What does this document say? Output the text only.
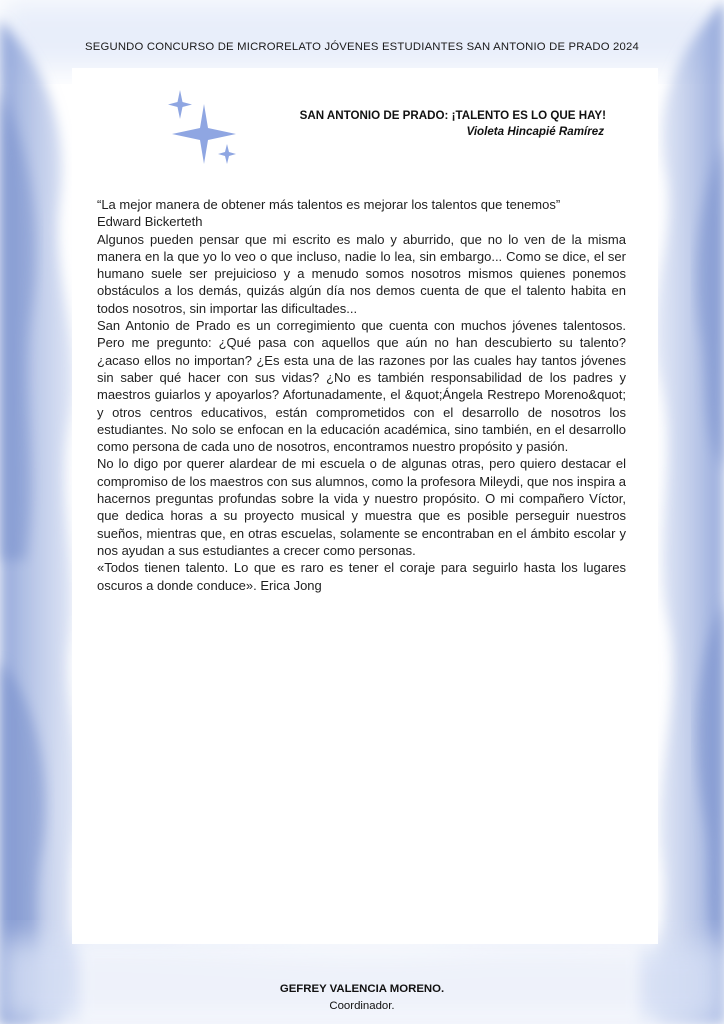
SEGUNDO CONCURSO DE MICRORELATO JÓVENES ESTUDIANTES SAN ANTONIO DE PRADO 2024
SAN ANTONIO DE PRADO: ¡TALENTO ES LO QUE HAY!
Violeta Hincapié Ramírez

“La mejor manera de obtener más talentos es mejorar los talentos que tenemos”

Edward Bickerteth

Algunos pueden pensar que mi escrito es malo y aburrido, que no lo ven de la misma manera en la que yo lo veo o que incluso, nadie lo lea, sin embargo... Como se dice, el ser humano suele ser prejuicioso y a menudo somos nosotros mismos quienes ponemos obstáculos a los demás, quizás algún día nos demos cuenta de que el talento habita en todos nosotros, sin importar las dificultades...

San Antonio de Prado es un corregimiento que cuenta con muchos jóvenes talentosos. Pero me pregunto: ¿Qué pasa con aquellos que aún no han descubierto su talento? ¿acaso ellos no importan? ¿Es esta una de las razones por las cuales hay tantos jóvenes sin saber qué hacer con sus vidas? ¿No es también responsabilidad de los padres y maestros guiarlos y apoyarlos? Afortunadamente, el &quot;Ángela Restrepo Moreno&quot; y otros centros educativos, están comprometidos con el desarrollo de nosotros los estudiantes. No solo se enfocan en la educación académica, sino también, en el desarrollo como persona de cada uno de nosotros, encontramos nuestro propósito y pasión.

No lo digo por querer alardear de mi escuela o de algunas otras, pero quiero destacar el compromiso de los maestros con sus alumnos, como la profesora Mileydi, que nos inspira a hacernos preguntas profundas sobre la vida y nuestro propósito. O mi compañero Víctor, que dedica horas a su proyecto musical y muestra que es posible perseguir nuestros sueños, mientras que, en otras escuelas, solamente se encontraban en el ámbito escolar y nos ayudan a sus estudiantes a crecer como personas.

«Todos tienen talento. Lo que es raro es tener el coraje para seguirlo hasta los lugares oscuros a donde conduce». Erica Jong

GEFREY VALENCIA MORENO.
Coordinador.
